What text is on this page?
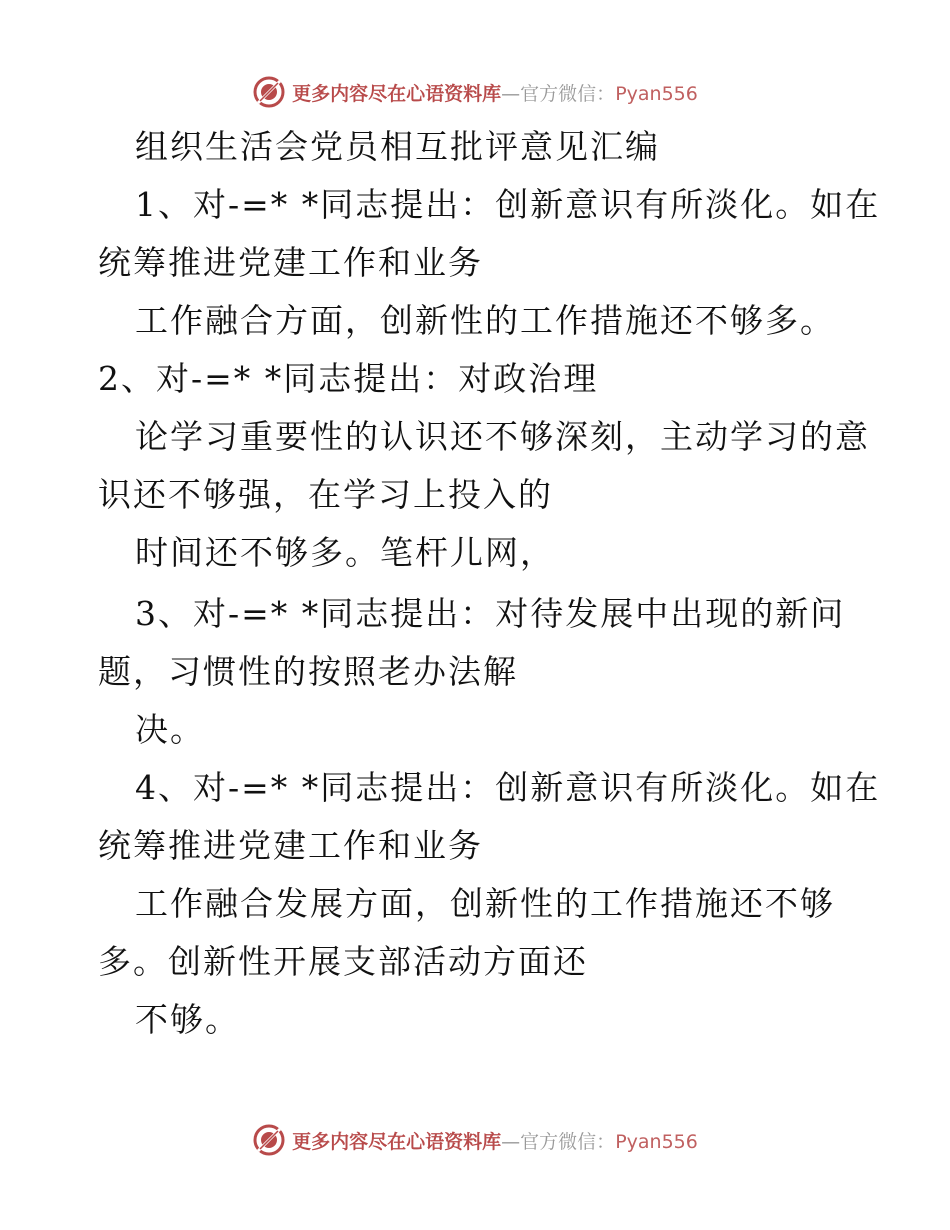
更多内容尽在心语资料库—官方微信：Pyan556
组织生活会党员相互批评意见汇编
1、对-=* *同志提出：创新意识有所淡化。如在
统筹推进党建工作和业务
工作融合方面，创新性的工作措施还不够多。
2、对-=* *同志提出：对政治理
论学习重要性的认识还不够深刻，主动学习的意
识还不够强，在学习上投入的
时间还不够多。笔杆儿网，
3、对-=* *同志提出：对待发展中出现的新问
题，习惯性的按照老办法解
决。
4、对-=* *同志提出：创新意识有所淡化。如在
统筹推进党建工作和业务
工作融合发展方面，创新性的工作措施还不够
多。创新性开展支部活动方面还
不够。
更多内容尽在心语资料库—官方微信：Pyan556
